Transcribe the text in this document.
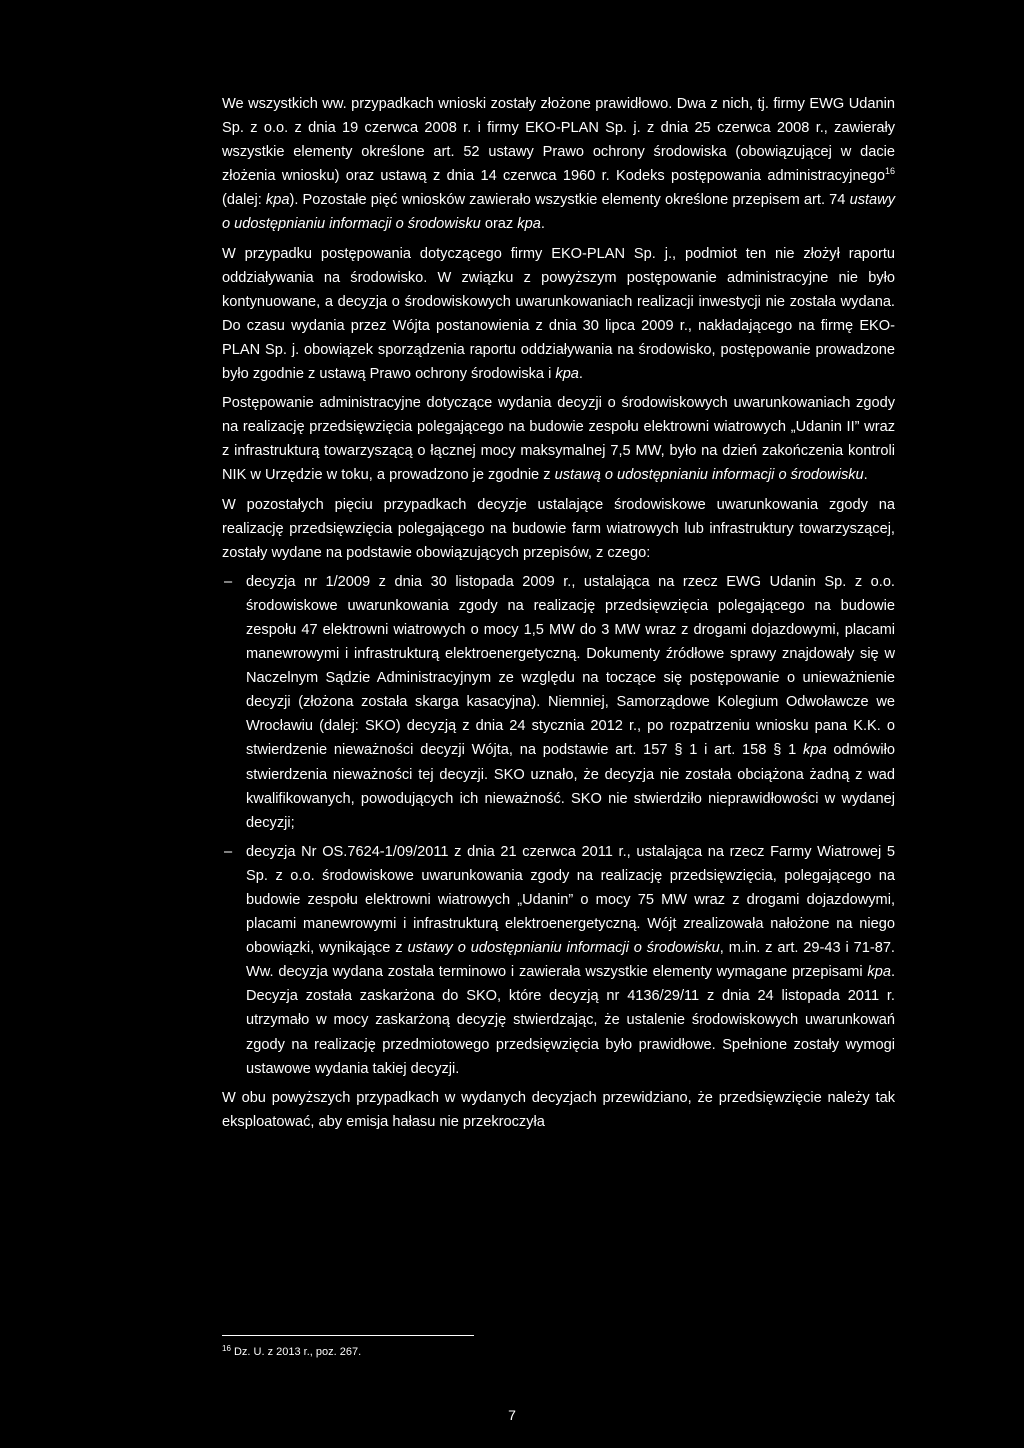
We wszystkich ww. przypadkach wnioski zostały złożone prawidłowo. Dwa z nich, tj. firmy EWG Udanin Sp. z o.o. z dnia 19 czerwca 2008 r. i firmy EKO-PLAN Sp. j. z dnia 25 czerwca 2008 r., zawierały wszystkie elementy określone art. 52 ustawy Prawo ochrony środowiska (obowiązującej w dacie złożenia wniosku) oraz ustawą z dnia 14 czerwca 1960 r. Kodeks postępowania administracyjnego$^{16}$ (dalej: kpa). Pozostałe pięć wniosków zawierało wszystkie elementy określone przepisem art. 74 ustawy o udostępnianiu informacji o środowisku oraz kpa.

W przypadku postępowania dotyczącego firmy EKO-PLAN Sp. j., podmiot ten nie złożył raportu oddziaływania na środowisko. W związku z powyższym postępowanie administracyjne nie było kontynuowane, a decyzja o środowiskowych uwarunkowaniach realizacji inwestycji nie została wydana. Do czasu wydania przez Wójta postanowienia z dnia 30 lipca 2009 r., nakładającego na firmę EKO-PLAN Sp. j. obowiązek sporządzenia raportu oddziaływania na środowisko, postępowanie prowadzone było zgodnie z ustawą Prawo ochrony środowiska i kpa.

Postępowanie administracyjne dotyczące wydania decyzji o środowiskowych uwarunkowaniach zgody na realizację przedsięwzięcia polegającego na budowie zespołu elektrowni wiatrowych „Udanin II” wraz z infrastrukturą towarzyszącą o łącznej mocy maksymalnej 7,5 MW, było na dzień zakończenia kontroli NIK w Urzędzie w toku, a prowadzono je zgodnie z ustawą o udostępnianiu informacji o środowisku.

W pozostałych pięciu przypadkach decyzje ustalające środowiskowe uwarunkowania zgody na realizację przedsięwzięcia polegającego na budowie farm wiatrowych lub infrastruktury towarzyszącej, zostały wydane na podstawie obowiązujących przepisów, z czego:

– decyzja nr 1/2009 z dnia 30 listopada 2009 r., ustalająca na rzecz EWG Udanin Sp. z o.o. środowiskowe uwarunkowania zgody na realizację przedsięwzięcia polegającego na budowie zespołu 47 elektrowni wiatrowych o mocy 1,5 MW do 3 MW wraz z drogami dojazdowymi, placami manewrowymi i infrastrukturą elektroenergetyczną. Dokumenty źródłowe sprawy znajdowały się w Naczelnym Sądzie Administracyjnym ze względu na toczące się postępowanie o unieważnienie decyzji (złożona została skarga kasacyjna). Niemniej, Samorządowe Kolegium Odwoławcze we Wrocławiu (dalej: SKO) decyzją z dnia 24 stycznia 2012 r., po rozpatrzeniu wniosku pana K.K. o stwierdzenie nieważności decyzji Wójta, na podstawie art. 157 § 1 i art. 158 § 1 kpa odmówiło stwierdzenia nieważności tej decyzji. SKO uznało, że decyzja nie została obciążona żadną z wad kwalifikowanych, powodujących ich nieważność. SKO nie stwierdziło nieprawidłowości w wydanej decyzji;
– decyzja Nr OS.7624-1/09/2011 z dnia 21 czerwca 2011 r., ustalająca na rzecz Farmy Wiatrowej 5 Sp. z o.o. środowiskowe uwarunkowania zgody na realizację przedsięwzięcia, polegającego na budowie zespołu elektrowni wiatrowych „Udanin” o mocy 75 MW wraz z drogami dojazdowymi, placami manewrowymi i infrastrukturą elektroenergetyczną. Wójt zrealizowała nałożone na niego obowiązki, wynikające z ustawy o udostępnianiu informacji o środowisku, m.in. z art. 29-43 i 71-87. Ww. decyzja wydana została terminowo i zawierała wszystkie elementy wymagane przepisami kpa. Decyzja została zaskarżona do SKO, które decyzją nr 4136/29/11 z dnia 24 listopada 2011 r. utrzymało w mocy zaskarżoną decyzję stwierdzając, że ustalenie środowiskowych uwarunkowań zgody na realizację przedmiotowego przedsięwzięcia było prawidłowe. Spełnione zostały wymogi ustawowe wydania takiej decyzji.

W obu powyższych przypadkach w wydanych decyzjach przewidziano, że przedsięwzięcie należy tak eksploatować, aby emisja hałasu nie przekroczyła

$^{16}$ Dz. U. z 2013 r., poz. 267.
7
